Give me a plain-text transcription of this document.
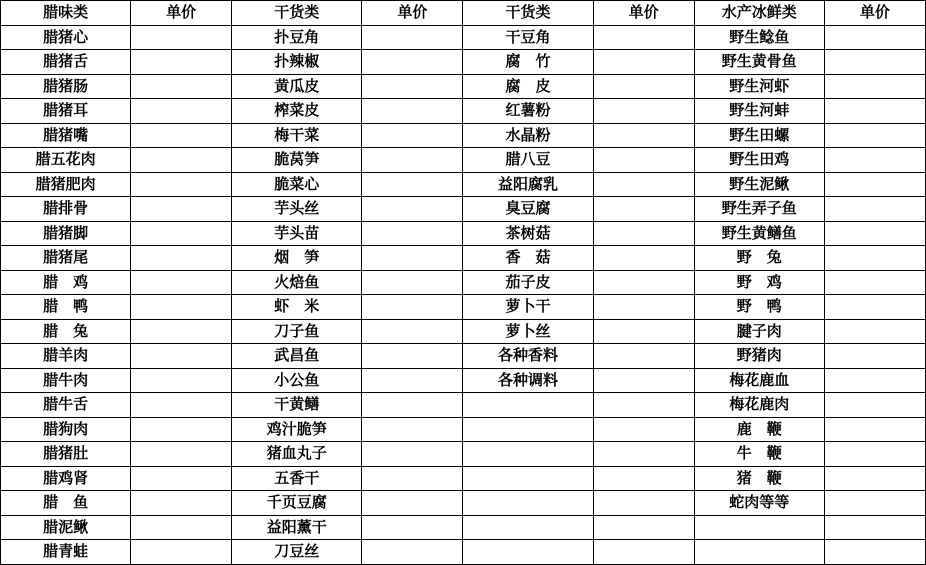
腊味类	单价	干货类	单价	干货类	单价	水产冰鲜类	单价
腊猪心		扑豆角		干豆角		野生鲶鱼	
腊猪舌		扑辣椒		腐　竹		野生黄骨鱼	
腊猪肠		黄瓜皮		腐　皮		野生河虾	
腊猪耳		榨菜皮		红薯粉		野生河蚌	
腊猪嘴		梅干菜		水晶粉		野生田螺	
腊五花肉		脆莴笋		腊八豆		野生田鸡	
腊猪肥肉		脆菜心		益阳腐乳		野生泥鳅	
腊排骨		芋头丝		臭豆腐		野生弄子鱼	
腊猪脚		芋头苗		茶树菇		野生黄鳝鱼	
腊猪尾		烟　笋		香　菇		野　兔	
腊　鸡		火焙鱼		茄子皮		野　鸡	
腊　鸭		虾　米		萝卜干		野　鸭	
腊　兔		刀子鱼		萝卜丝		腱子肉	
腊羊肉		武昌鱼		各种香料		野猪肉	
腊牛肉		小公鱼		各种调料		梅花鹿血	
腊牛舌		干黄鳝				梅花鹿肉	
腊狗肉		鸡汁脆笋				鹿　鞭	
腊猪肚		猪血丸子				牛　鞭	
腊鸡肾		五香干				猪　鞭	
腊　鱼		千页豆腐				蛇肉等等	
腊泥鳅		益阳薰干					
腊青蛙		刀豆丝					
